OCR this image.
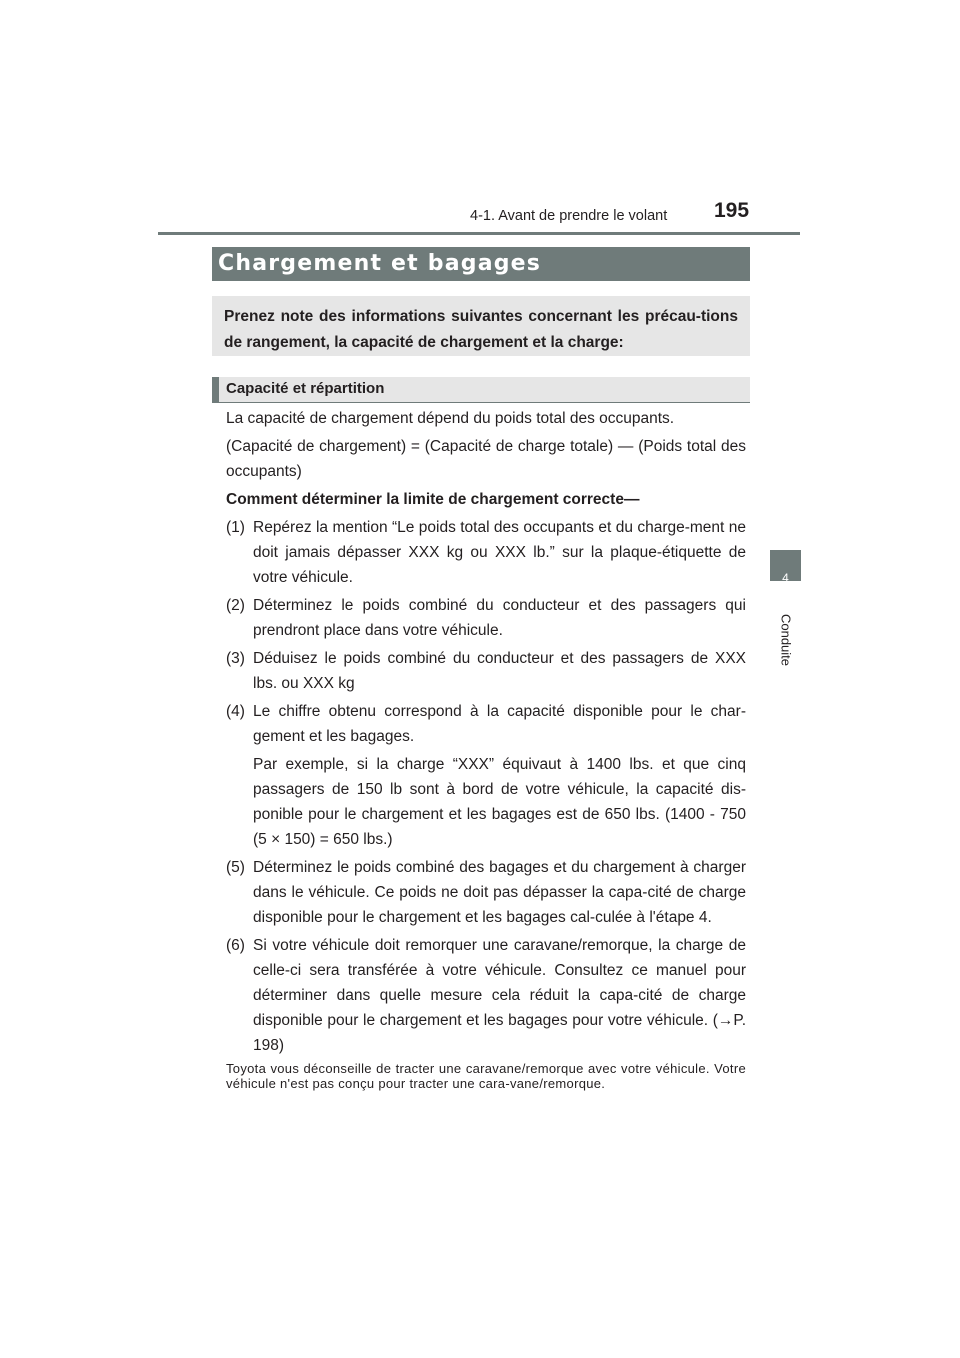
4-1. Avant de prendre le volant 195
4
Conduite
Chargement et bagages

Prenez note des informations suivantes concernant les précau-tions de rangement, la capacité de chargement et la charge:

Capacité et répartition

La capacité de chargement dépend du poids total des occupants.

(Capacité de chargement) = (Capacité de charge totale) — (Poids total des occupants)

Comment déterminer la limite de chargement correcte—

(1) Repérez la mention “Le poids total des occupants et du charge-ment ne doit jamais dépasser XXX kg ou XXX lb.” sur la plaque-étiquette de votre véhicule.
(2) Déterminez le poids combiné du conducteur et des passagers qui prendront place dans votre véhicule.
(3) Déduisez le poids combiné du conducteur et des passagers de XXX lbs. ou XXX kg
(4) Le chiffre obtenu correspond à la capacité disponible pour le char-gement et les bagages.

Par exemple, si la charge “XXX” équivaut à 1400 lbs. et que cinq passagers de 150 lb sont à bord de votre véhicule, la capacité dis-ponible pour le chargement et les bagages est de 650 lbs. (1400 - 750 (5 × 150) = 650 lbs.)

(5) Déterminez le poids combiné des bagages et du chargement à charger dans le véhicule. Ce poids ne doit pas dépasser la capa-cité de charge disponible pour le chargement et les bagages cal-culée à l'étape 4.
(6) Si votre véhicule doit remorquer une caravane/remorque, la charge de celle-ci sera transférée à votre véhicule. Consultez ce manuel pour déterminer dans quelle mesure cela réduit la capa-cité de charge disponible pour le chargement et les bagages pour votre véhicule. (→P. 198)

Toyota vous déconseille de tracter une caravane/remorque avec votre véhicule. Votre véhicule n'est pas conçu pour tracter une cara-vane/remorque.
